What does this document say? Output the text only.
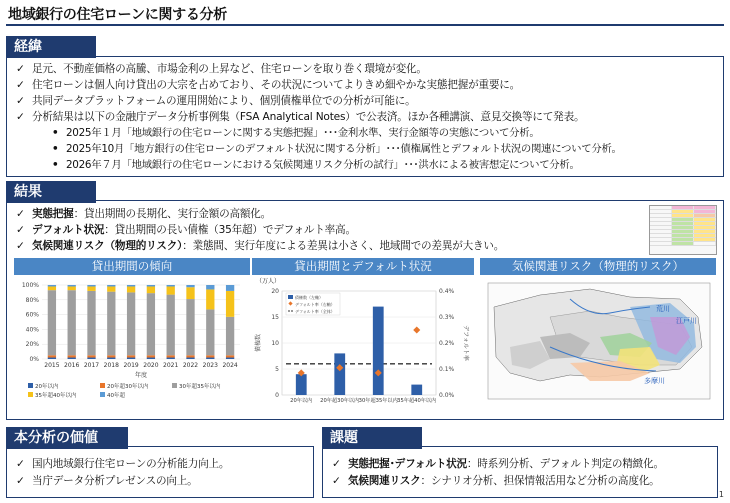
地域銀行の住宅ローンに関する分析
経緯
✓ 足元、不動産価格の高騰、市場金利の上昇など、住宅ローンを取り巻く環境が変化。
✓ 住宅ローンは個人向け貸出の大宗を占めており、その状況についてよりきめ細やかな実態把握が重要に。
✓ 共同データプラットフォームの運用開始により、個別債権単位での分析が可能に。
✓ 分析結果は以下の金融庁データ分析事例集（FSA Analytical Notes）で公表済。ほか各種講演、意見交換等にて発表。
• 2025年１月「地域銀行の住宅ローンに関する実態把握」･･･金利水準、実行金額等の実態について分析。
• 2025年10月「地方銀行の住宅ローンのデフォルト状況に関する分析」･･･債権属性とデフォルト状況の関連について分析。
• 2026年７月「地域銀行の住宅ローンにおける気候関連リスク分析の試行」･･･洪水による被害想定について分析。
結果
✓ 実態把握：貸出期間の長期化、実行金額の高額化。
✓ デフォルト状況：貸出期間の長い債権（35年超）でデフォルト率高。
✓ 気候関連リスク（物理的リスク）：業態間、実行年度による差異は小さく、地域間での差異が大きい。
貸出期間の傾向	貸出期間とデフォルト状況	気候関連リスク（物理的リスク）
0%
20%
40%
60%
80%
100%
2015 2016 2017 2018 2019 2020 2021 2022 2023 2024
年度
20年以内	20年超30年以内	30年超35年以内
35年超40年以内	40年超
（万人）
0
5
10
15
20
0.0%
0.1%
0.2%
0.3%
0.4%
債権数	デフォルト率
20年以内 20年超30年以内 30年超35年以内 35年超40年以内
債権数（左軸）
デフォルト率（右軸）
デフォルト率（全体）	荒川
江戸川
多摩川
本分析の価値
✓ 国内地域銀行住宅ローンの分析能力向上。
✓ 当庁データ分析プレゼンスの向上。
課題
✓ 実態把握･デフォルト状況：時系列分析、デフォルト判定の精緻化。
✓ 気候関連リスク：シナリオ分析、担保情報活用など分析の高度化。
1
